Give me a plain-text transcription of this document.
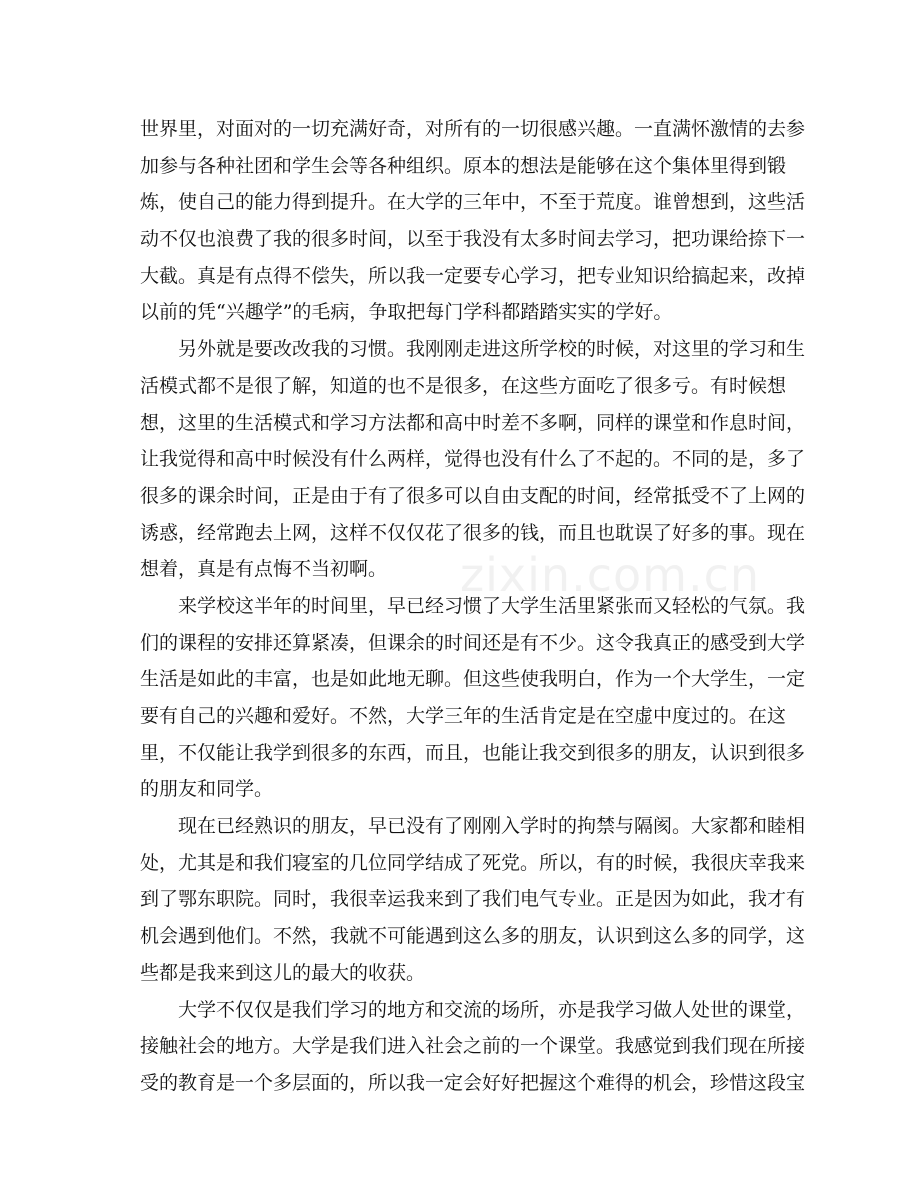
世界里，对面对的一切充满好奇，对所有的一切很感兴趣。一直满怀激情的去参

加参与各种社团和学生会等各种组织。原本的想法是能够在这个集体里得到锻

炼，使自己的能力得到提升。在大学的三年中，不至于荒度。谁曾想到，这些活

动不仅也浪费了我的很多时间，以至于我没有太多时间去学习，把功课给捺下一

大截。真是有点得不偿失，所以我一定要专心学习，把专业知识给搞起来，改掉

以前的凭“兴趣学”的毛病，争取把每门学科都踏踏实实的学好。

另外就是要改改我的习惯。我刚刚走进这所学校的时候，对这里的学习和生

活模式都不是很了解，知道的也不是很多，在这些方面吃了很多亏。有时候想

想，这里的生活模式和学习方法都和高中时差不多啊，同样的课堂和作息时间，

让我觉得和高中时候没有什么两样，觉得也没有什么了不起的。不同的是，多了

很多的课余时间，正是由于有了很多可以自由支配的时间，经常抵受不了上网的

诱惑，经常跑去上网，这样不仅仅花了很多的钱，而且也耽误了好多的事。现在

想着，真是有点悔不当初啊。

来学校这半年的时间里，早已经习惯了大学生活里紧张而又轻松的气氛。我

们的课程的安排还算紧凑，但课余的时间还是有不少。这令我真正的感受到大学

生活是如此的丰富，也是如此地无聊。但这些使我明白，作为一个大学生，一定

要有自己的兴趣和爱好。不然，大学三年的生活肯定是在空虚中度过的。在这

里，不仅能让我学到很多的东西，而且，也能让我交到很多的朋友，认识到很多

的朋友和同学。

现在已经熟识的朋友，早已没有了刚刚入学时的拘禁与隔阂。大家都和睦相

处，尤其是和我们寝室的几位同学结成了死党。所以，有的时候，我很庆幸我来

到了鄂东职院。同时，我很幸运我来到了我们电气专业。正是因为如此，我才有

机会遇到他们。不然，我就不可能遇到这么多的朋友，认识到这么多的同学，这

些都是我来到这儿的最大的收获。

大学不仅仅是我们学习的地方和交流的场所，亦是我学习做人处世的课堂，

接触社会的地方。大学是我们进入社会之前的一个课堂。我感觉到我们现在所接

受的教育是一个多层面的，所以我一定会好好把握这个难得的机会，珍惜这段宝

zixin.com.cn
